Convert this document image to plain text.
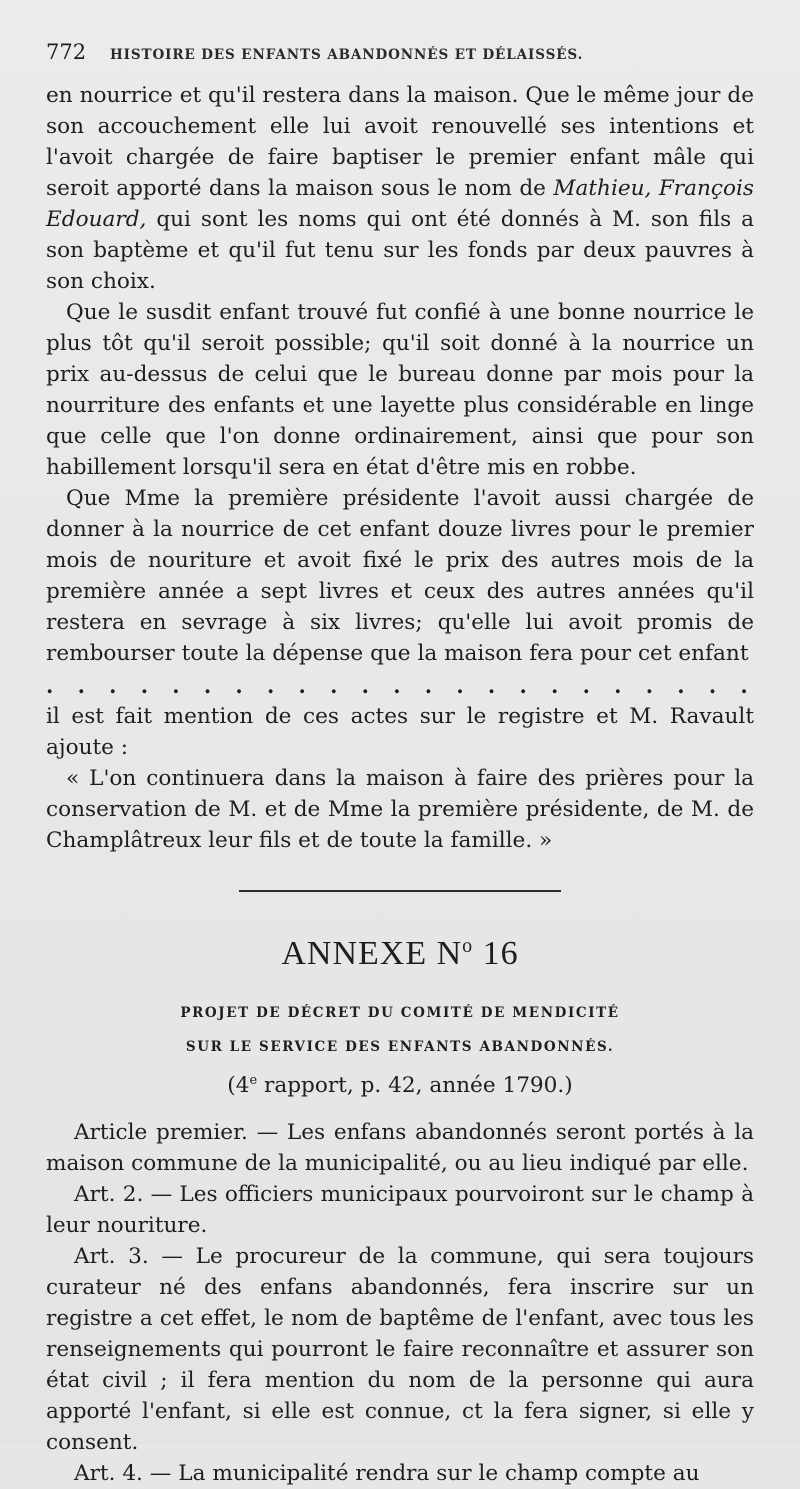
772	HISTOIRE DES ENFANTS ABANDONNÉS ET DÉLAISSÉS.

en nourrice et qu'il restera dans la maison. Que le même jour de son accouchement elle lui avoit renouvellé ses intentions et l'avoit chargée de faire baptiser le premier enfant mâle qui seroit apporté dans la maison sous le nom de Mathieu, François Edouard, qui sont les noms qui ont été donnés à M. son fils a son baptème et qu'il fut tenu sur les fonds par deux pauvres à son choix.

Que le susdit enfant trouvé fut confié à une bonne nourrice le plus tôt qu'il seroit possible; qu'il soit donné à la nourrice un prix au-dessus de celui que le bureau donne par mois pour la nourriture des enfants et une layette plus considérable en linge que celle que l'on donne ordinairement, ainsi que pour son habillement lorsqu'il sera en état d'être mis en robbe.

Que Mme la première présidente l'avoit aussi chargée de donner à la nourrice de cet enfant douze livres pour le premier mois de nouriture et avoit fixé le prix des autres mois de la première année a sept livres et ceux des autres années qu'il restera en sevrage à six livres; qu'elle lui avoit promis de rembourser toute la dépense que la maison fera pour cet enfant

. . . . . . . . . . . . . . . . . . . . . . .

il est fait mention de ces actes sur le registre et M. Ravault ajoute :

« L'on continuera dans la maison à faire des prières pour la conservation de M. et de Mme la première présidente, de M. de Champlâtreux leur fils et de toute la famille. »

ANNEXE $N^o$ 16

PROJET DE DÉCRET DU COMITÉ DE MENDICITÉ

SUR LE SERVICE DES ENFANTS ABANDONNÉS.

(4e rapport, p. 42, année 1790.)

Article premier. — Les enfans abandonnés seront portés à la maison commune de la municipalité, ou au lieu indiqué par elle.

Art. 2. — Les officiers municipaux pourvoiront sur le champ à leur nouriture.

Art. 3. — Le procureur de la commune, qui sera toujours curateur né des enfans abandonnés, fera inscrire sur un registre a cet effet, le nom de baptême de l'enfant, avec tous les renseignements qui pourront le faire reconnaître et assurer son état civil ; il fera mention du nom de la personne qui aura apporté l'enfant, si elle est connue, ct la fera signer, si elle y consent.

Art. 4. — La municipalité rendra sur le champ compte au
